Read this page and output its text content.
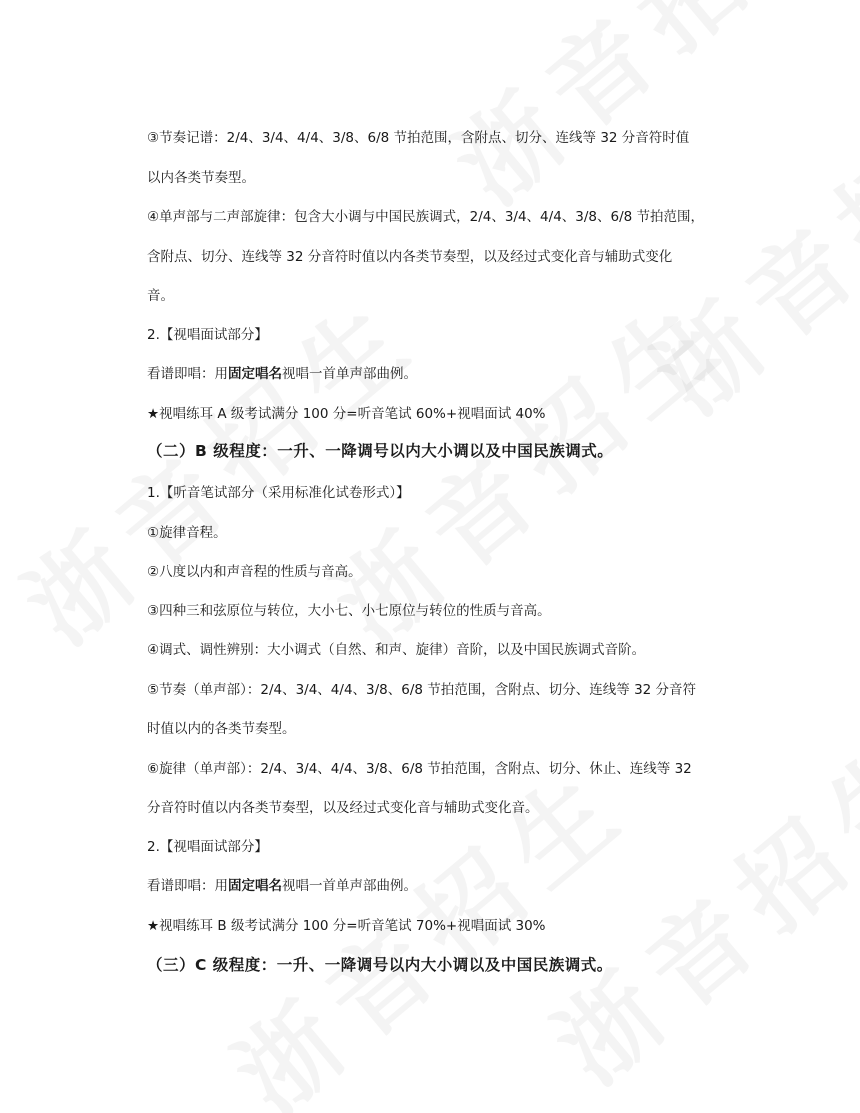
③节奏记谱：2/4、3/4、4/4、3/8、6/8 节拍范围，含附点、切分、连线等 32 分音符时值
以内各类节奏型。
④单声部与二声部旋律：包含大小调与中国民族调式，2/4、3/4、4/4、3/8、6/8 节拍范围，
含附点、切分、连线等 32 分音符时值以内各类节奏型，以及经过式变化音与辅助式变化
音。
2.【视唱面试部分】
看谱即唱：用固定唱名视唱一首单声部曲例。
★视唱练耳 A 级考试满分 100 分=听音笔试 60%+视唱面试 40%
（二）B 级程度：一升、一降调号以内大小调以及中国民族调式。
1.【听音笔试部分（采用标准化试卷形式）】
①旋律音程。
②八度以内和声音程的性质与音高。
③四种三和弦原位与转位，大小七、小七原位与转位的性质与音高。
④调式、调性辨别：大小调式（自然、和声、旋律）音阶，以及中国民族调式音阶。
⑤节奏（单声部）：2/4、3/4、4/4、3/8、6/8 节拍范围，含附点、切分、连线等 32 分音符
时值以内的各类节奏型。
⑥旋律（单声部）：2/4、3/4、4/4、3/8、6/8 节拍范围，含附点、切分、休止、连线等 32
分音符时值以内各类节奏型，以及经过式变化音与辅助式变化音。
2.【视唱面试部分】
看谱即唱：用固定唱名视唱一首单声部曲例。
★视唱练耳 B 级考试满分 100 分=听音笔试 70%+视唱面试 30%
（三）C 级程度：一升、一降调号以内大小调以及中国民族调式。
